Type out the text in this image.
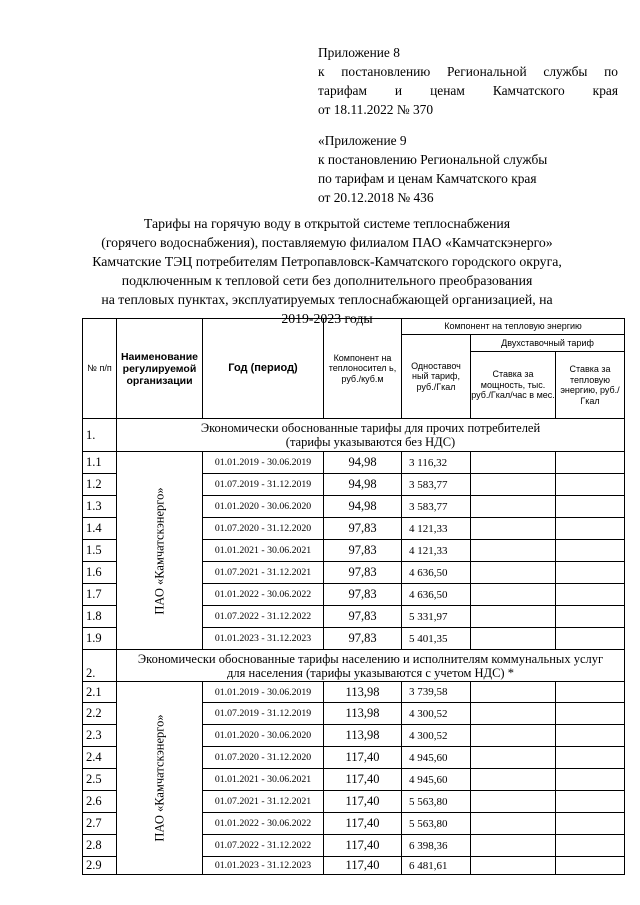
Приложение 8
к постановлению Региональной службы по
тарифам и ценам Камчатского края
от 18.11.2022 № 370
«Приложение 9
к постановлению Региональной службы
по тарифам и ценам Камчатского края
от 20.12.2018 № 436
Тарифы на горячую воду в открытой системе теплоснабжения
(горячего водоснабжения), поставляемую филиалом ПАО «Камчатскэнерго»
Камчатские ТЭЦ потребителям Петропавловск-Камчатского городского округа,
подключенным к тепловой сети без дополнительного преобразования
на тепловых пунктах, эксплуатируемых теплоснабжающей организацией, на
2019-2023 годы
№ п/п	Наименование регулируемой организации	Год (период)	Компонент на теплоносител ь, руб./куб.м	Компонент на тепловую энергию		
				Одноставоч ный тариф, руб./Гкал	Двухставочный тариф	
					Ставка за мощность, тыс. руб./Гкал/час в мес.	Ставка за тепловую энергию, руб./Гкал
1.	Экономически обоснованные тарифы для прочих потребителей
(тарифы указываются без НДС)					

1.1	ПАО «Камчатскэнерго»	01.01.2019 - 30.06.2019	94,98	3 116,32		
1.2		01.07.2019 - 31.12.2019	94,98	3 583,77		
1.3		01.01.2020 - 30.06.2020	94,98	3 583,77		
1.4		01.07.2020 - 31.12.2020	97,83	4 121,33		
1.5		01.01.2021 - 30.06.2021	97,83	4 121,33		
1.6		01.07.2021 - 31.12.2021	97,83	4 636,50		
1.7		01.01.2022 - 30.06.2022	97,83	4 636,50		
1.8		01.07.2022 - 31.12.2022	97,83	5 331,97		
1.9		01.01.2023 - 31.12.2023	97,83	5 401,35		
2.	Экономически обоснованные тарифы населению и исполнителям коммунальных услуг
для населения (тарифы указываются с учетом НДС) *					

2.1	ПАО «Камчатскэнерго»	01.01.2019 - 30.06.2019	113,98	3 739,58		
2.2		01.07.2019 - 31.12.2019	113,98	4 300,52		
2.3		01.01.2020 - 30.06.2020	113,98	4 300,52		
2.4		01.07.2020 - 31.12.2020	117,40	4 945,60		
2.5		01.01.2021 - 30.06.2021	117,40	4 945,60		
2.6		01.07.2021 - 31.12.2021	117,40	5 563,80		
2.7		01.01.2022 - 30.06.2022	117,40	5 563,80		
2.8		01.07.2022 - 31.12.2022	117,40	6 398,36		
2.9		01.01.2023 - 31.12.2023	117,40	6 481,61		
